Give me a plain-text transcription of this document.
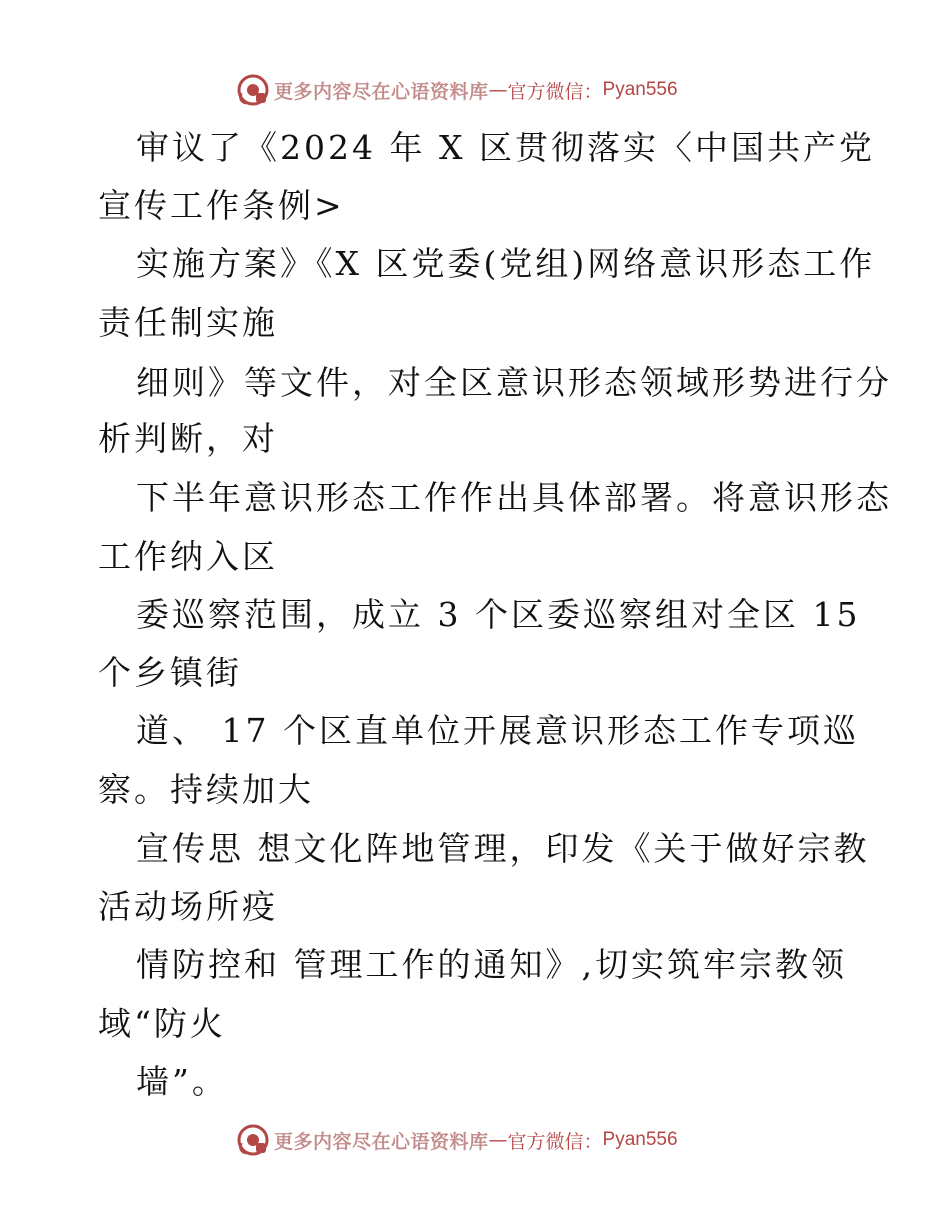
更多内容尽在心语资料库 — 官方微信： Pyan556
审议了《2024 年 X 区贯彻落实〈中国共产党
宣传工作条例>
实施方案》《X 区党委(党组)网络意识形态工作
责任制实施
细则》等文件，对全区意识形态领域形势进行分
析判断，对
下半年意识形态工作作出具体部署。将意识形态
工作纳入区
委巡察范围，成立 3 个区委巡察组对全区 15
个乡镇街
道、 17 个区直单位开展意识形态工作专项巡
察。持续加大
宣传思 想文化阵地管理，印发《关于做好宗教
活动场所疫
情防控和 管理工作的通知》,切实筑牢宗教领
域“防火
墙”。
更多内容尽在心语资料库 — 官方微信： Pyan556
